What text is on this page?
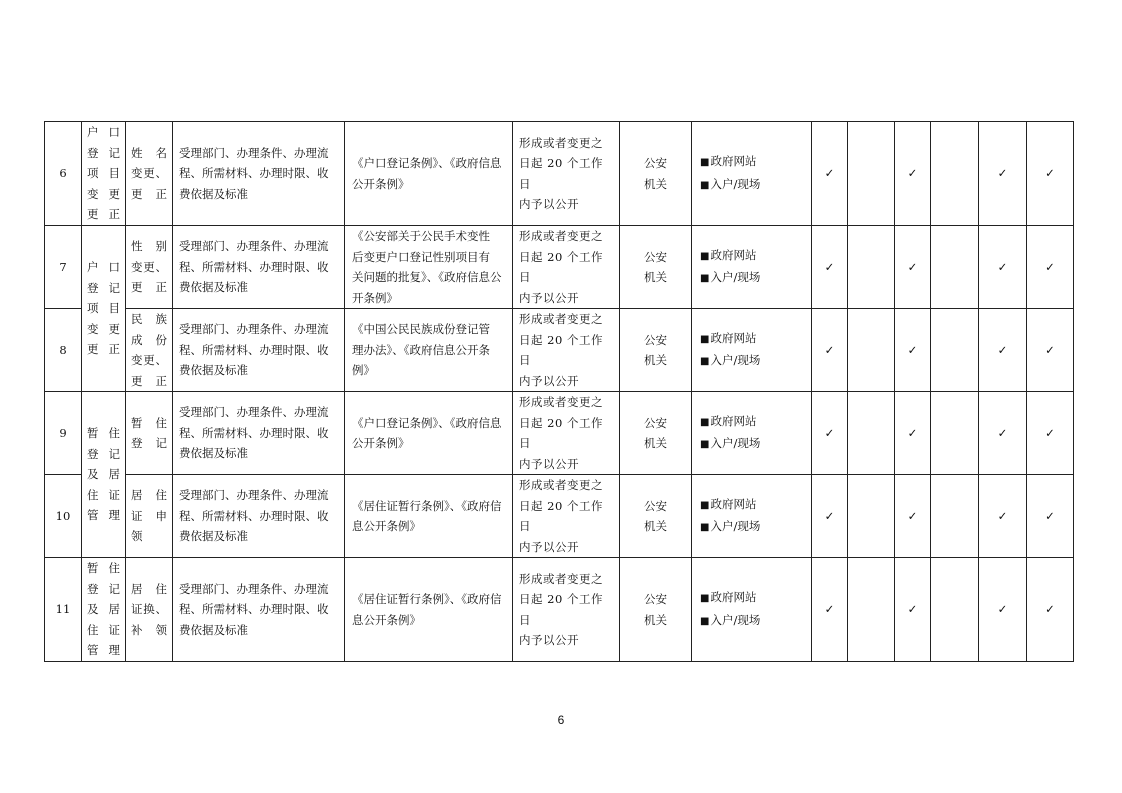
6	户口
登记
项目
变更
更正	姓名
变更、
更正	受理部门、办理条件、办理流
程、所需材料、办理时限、收
费依据及标准	《户口登记条例》、《政府信息
公开条例》	形成或者变更之
日起 20 个工作日
内予以公开	公安
机关	■政府网站
■入户/现场	✓		✓		✓	✓
7	户口
登记
项目
变更
更正	性别
变更、
更正	受理部门、办理条件、办理流
程、所需材料、办理时限、收
费依据及标准	《公安部关于公民手术变性
后变更户口登记性别项目有
关问题的批复》、《政府信息公
开条例》	形成或者变更之
日起 20 个工作日
内予以公开	公安
机关	■政府网站
■入户/现场	✓		✓		✓	✓
8		民族
成份
变更、
更正	受理部门、办理条件、办理流
程、所需材料、办理时限、收
费依据及标准	《中国公民民族成份登记管
理办法》、《政府信息公开条
例》	形成或者变更之
日起 20 个工作日
内予以公开	公安
机关	■政府网站
■入户/现场	✓		✓		✓	✓
9	暂住
登记
及居
住证
管理	暂住
登记	受理部门、办理条件、办理流
程、所需材料、办理时限、收
费依据及标准	《户口登记条例》、《政府信息
公开条例》	形成或者变更之
日起 20 个工作日
内予以公开	公安
机关	■政府网站
■入户/现场	✓		✓		✓	✓
10		居住
证申
领	受理部门、办理条件、办理流
程、所需材料、办理时限、收
费依据及标准	《居住证暂行条例》、《政府信
息公开条例》	形成或者变更之
日起 20 个工作日
内予以公开	公安
机关	■政府网站
■入户/现场	✓		✓		✓	✓
11	暂住
登记
及居
住证
管理	居住
证换、
补领	受理部门、办理条件、办理流
程、所需材料、办理时限、收
费依据及标准	《居住证暂行条例》、《政府信
息公开条例》	形成或者变更之
日起 20 个工作日
内予以公开	公安
机关	■政府网站
■入户/现场	✓		✓		✓	✓
6
